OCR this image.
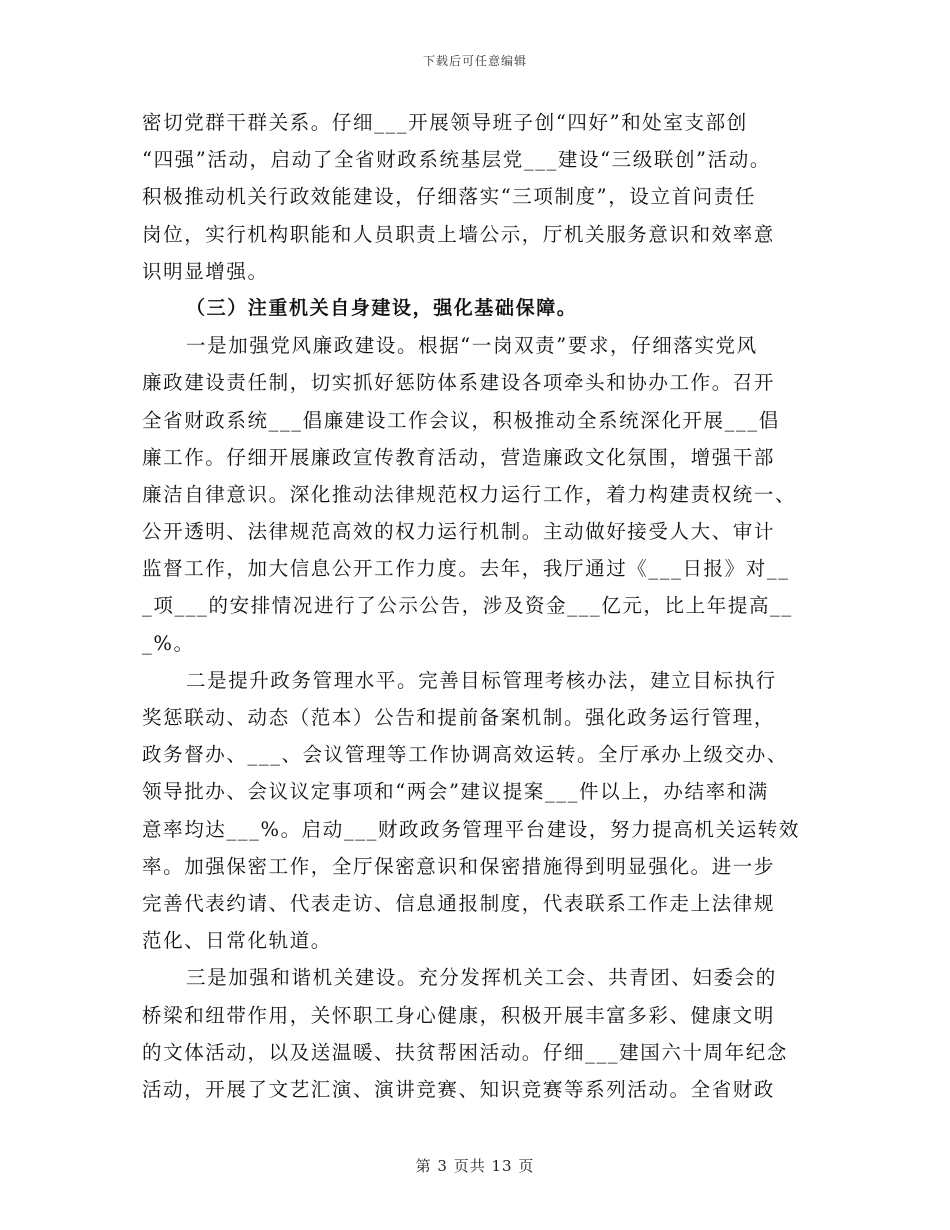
下载后可任意编辑
密切党群干群关系。仔细___开展领导班子创“四好”和处室支部创
“四强”活动，启动了全省财政系统基层党___建设“三级联创”活动。
积极推动机关行政效能建设，仔细落实“三项制度”，设立首问责任
岗位，实行机构职能和人员职责上墙公示，厅机关服务意识和效率意
识明显增强。
（三）注重机关自身建设，强化基础保障。
一是加强党风廉政建设。根据“一岗双责”要求，仔细落实党风
廉政建设责任制，切实抓好惩防体系建设各项牵头和协办工作。召开
全省财政系统___倡廉建设工作会议，积极推动全系统深化开展___倡
廉工作。仔细开展廉政宣传教育活动，营造廉政文化氛围，增强干部
廉洁自律意识。深化推动法律规范权力运行工作，着力构建责权统一、
公开透明、法律规范高效的权力运行机制。主动做好接受人大、审计
监督工作，加大信息公开工作力度。去年，我厅通过《___日报》对__
_项___的安排情况进行了公示公告，涉及资金___亿元，比上年提高__
_%。
二是提升政务管理水平。完善目标管理考核办法，建立目标执行
奖惩联动、动态（范本）公告和提前备案机制。强化政务运行管理，
政务督办、___、会议管理等工作协调高效运转。全厅承办上级交办、
领导批办、会议议定事项和“两会”建议提案___件以上，办结率和满
意率均达___%。启动___财政政务管理平台建设，努力提高机关运转效
率。加强保密工作，全厅保密意识和保密措施得到明显强化。进一步
完善代表约请、代表走访、信息通报制度，代表联系工作走上法律规
范化、日常化轨道。
三是加强和谐机关建设。充分发挥机关工会、共青团、妇委会的
桥梁和纽带作用，关怀职工身心健康，积极开展丰富多彩、健康文明
的文体活动，以及送温暖、扶贫帮困活动。仔细___建国六十周年纪念
活动，开展了文艺汇演、演讲竞赛、知识竞赛等系列活动。全省财政
第 3 页共 13 页
